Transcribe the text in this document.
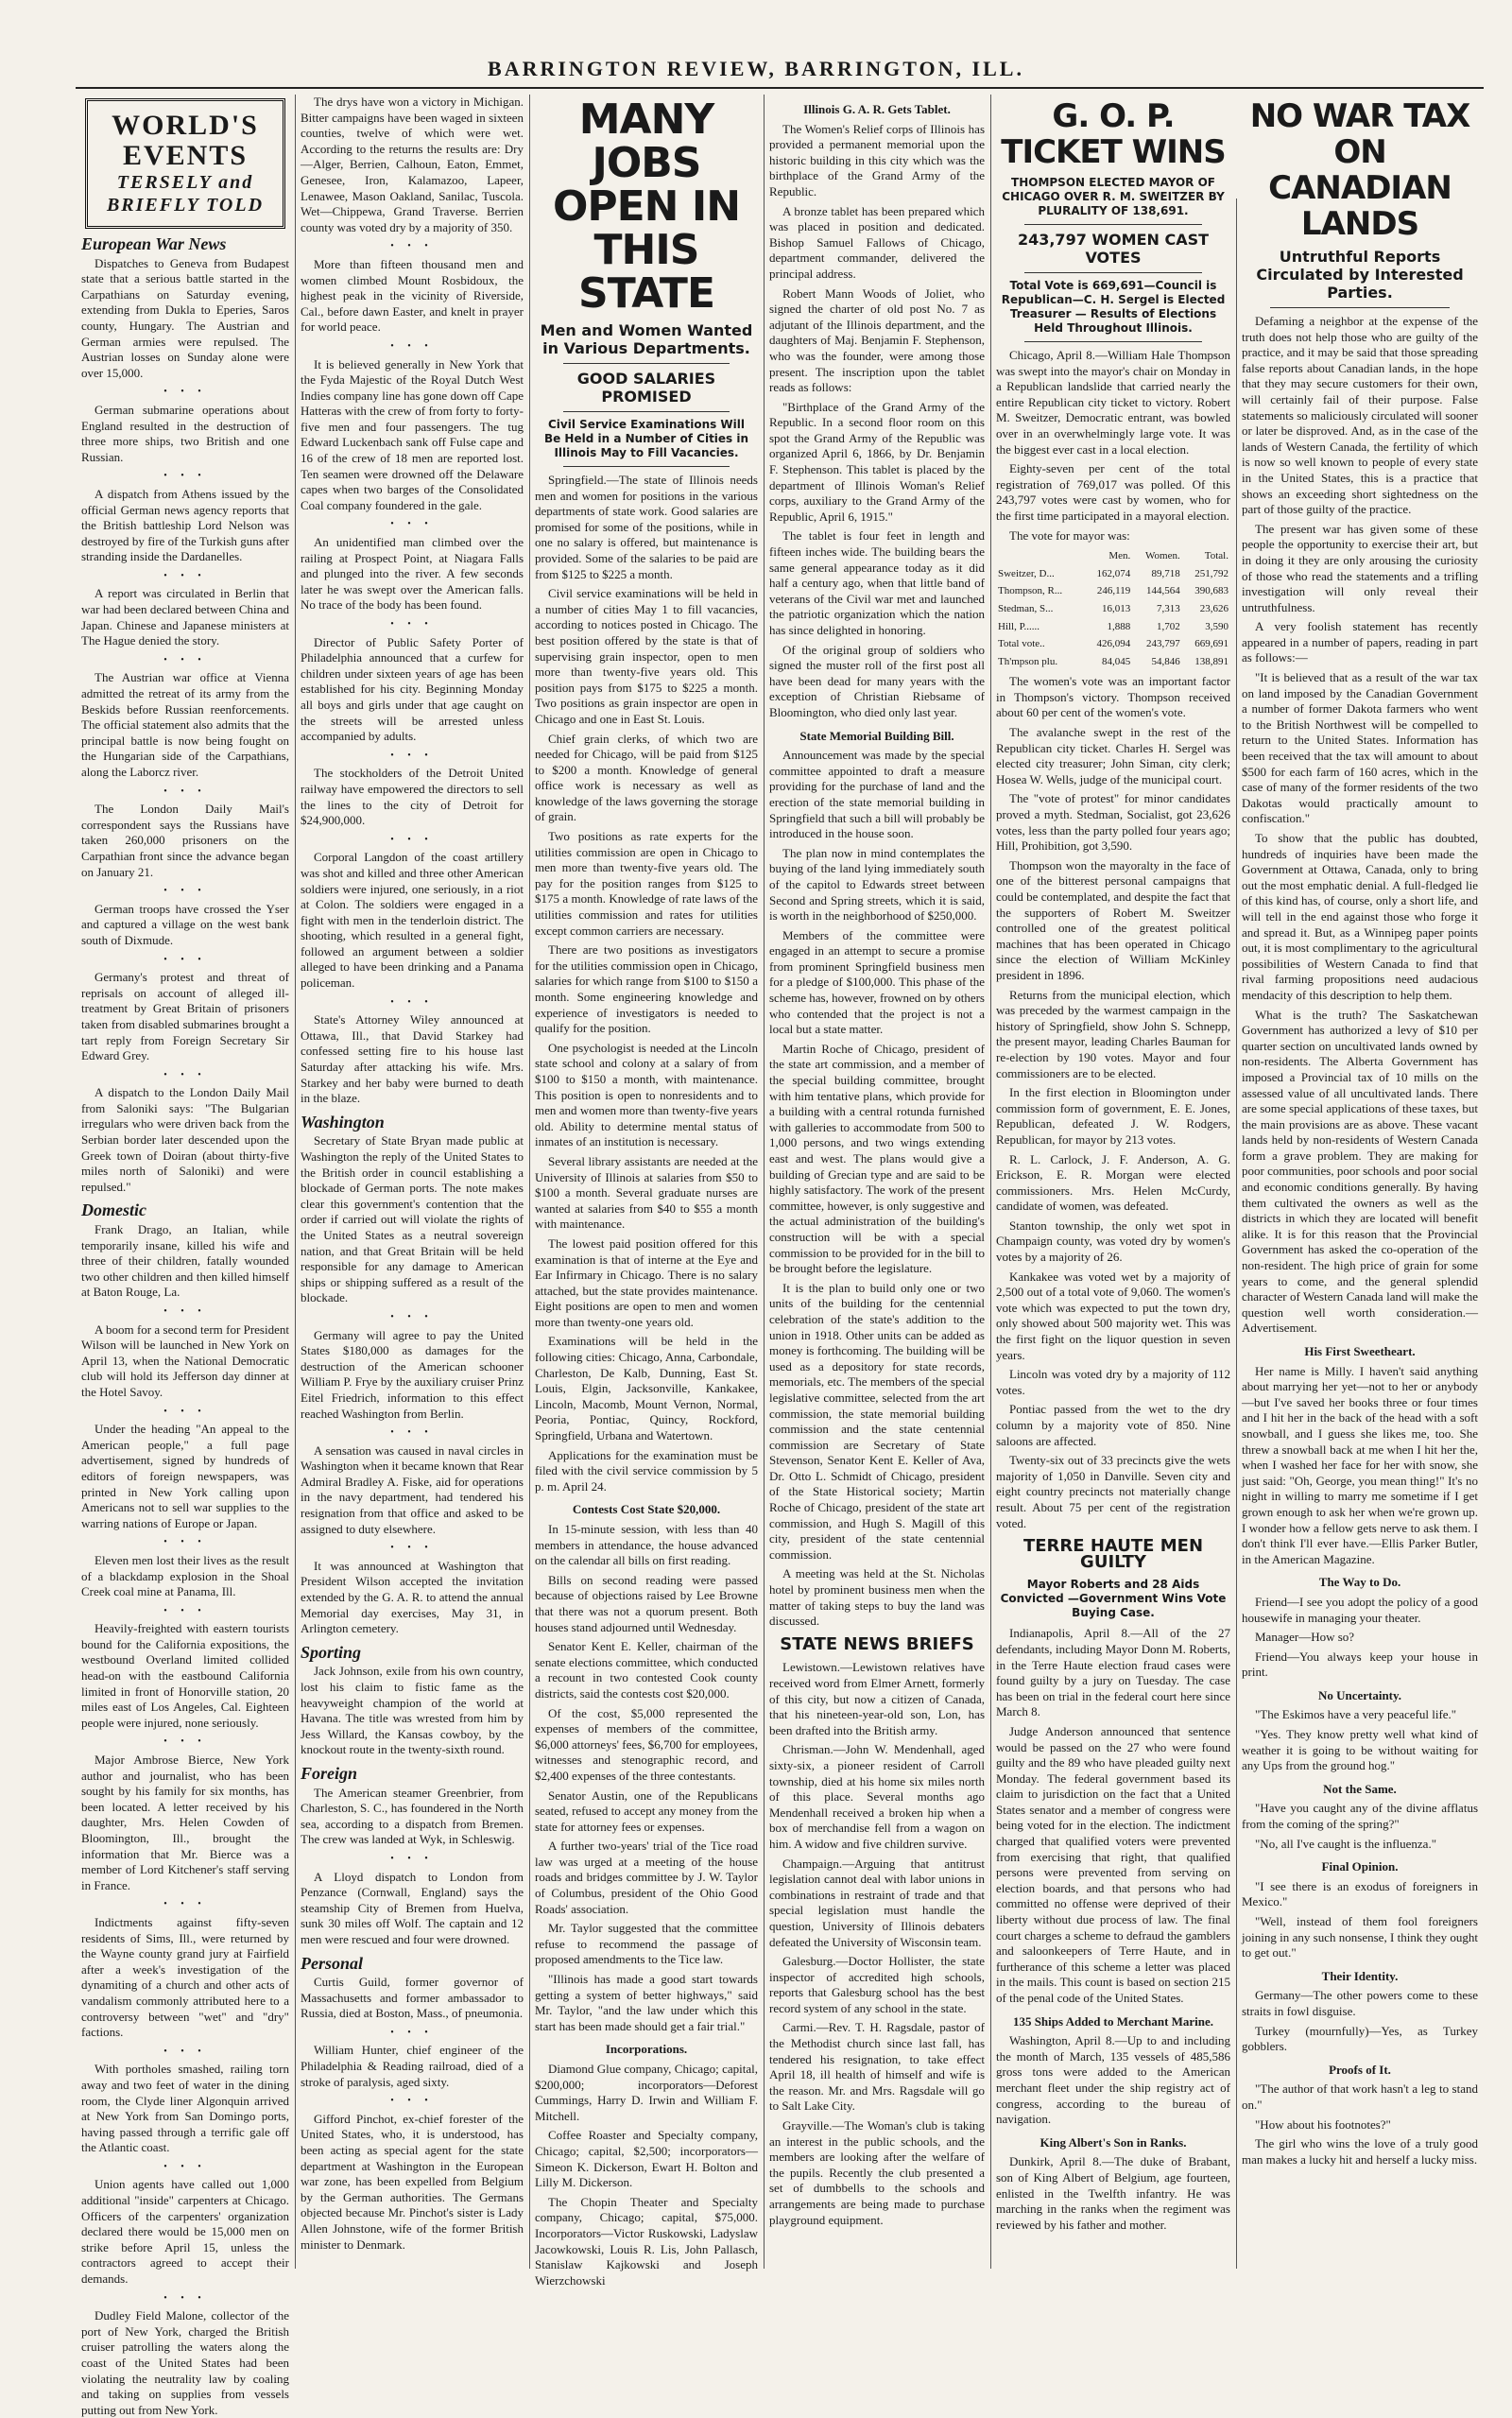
BARRINGTON REVIEW, BARRINGTON, ILL.
WORLD'S
EVENTS
TERSELY and
BRIEFLY TOLD
European War News

Dispatches to Geneva from Budapest state that a serious battle started in the Carpathians on Saturday evening, extending from Dukla to Eperies, Saros county, Hungary. The Austrian and German armies were repulsed. The Austrian losses on Sunday alone were over 15,000.

• • •

German submarine operations about England resulted in the destruction of three more ships, two British and one Russian.

• • •

A dispatch from Athens issued by the official German news agency reports that the British battleship Lord Nelson was destroyed by fire of the Turkish guns after stranding inside the Dardanelles.

• • •

A report was circulated in Berlin that war had been declared between China and Japan. Chinese and Japanese ministers at The Hague denied the story.

• • •

The Austrian war office at Vienna admitted the retreat of its army from the Beskids before Russian reenforcements. The official statement also admits that the principal battle is now being fought on the Hungarian side of the Carpathians, along the Laborcz river.

• • •

The London Daily Mail's correspondent says the Russians have taken 260,000 prisoners on the Carpathian front since the advance began on January 21.

• • •

German troops have crossed the Yser and captured a village on the west bank south of Dixmude.

• • •

Germany's protest and threat of reprisals on account of alleged ill-treatment by Great Britain of prisoners taken from disabled submarines brought a tart reply from Foreign Secretary Sir Edward Grey.

• • •

A dispatch to the London Daily Mail from Saloniki says: "The Bulgarian irregulars who were driven back from the Serbian border later descended upon the Greek town of Doiran (about thirty-five miles north of Saloniki) and were repulsed."

Domestic

Frank Drago, an Italian, while temporarily insane, killed his wife and three of their children, fatally wounded two other children and then killed himself at Baton Rouge, La.

• • •

A boom for a second term for President Wilson will be launched in New York on April 13, when the National Democratic club will hold its Jefferson day dinner at the Hotel Savoy.

• • •

Under the heading "An appeal to the American people," a full page advertisement, signed by hundreds of editors of foreign newspapers, was printed in New York calling upon Americans not to sell war supplies to the warring nations of Europe or Japan.

• • •

Eleven men lost their lives as the result of a blackdamp explosion in the Shoal Creek coal mine at Panama, Ill.

• • •

Heavily-freighted with eastern tourists bound for the California expositions, the westbound Overland limited collided head-on with the eastbound California limited in front of Honorville station, 20 miles east of Los Angeles, Cal. Eighteen people were injured, none seriously.

• • •

Major Ambrose Bierce, New York author and journalist, who has been sought by his family for six months, has been located. A letter received by his daughter, Mrs. Helen Cowden of Bloomington, Ill., brought the information that Mr. Bierce was a member of Lord Kitchener's staff serving in France.

• • •

Indictments against fifty-seven residents of Sims, Ill., were returned by the Wayne county grand jury at Fairfield after a week's investigation of the dynamiting of a church and other acts of vandalism commonly attributed here to a controversy between "wet" and "dry" factions.

• • •

With portholes smashed, railing torn away and two feet of water in the dining room, the Clyde liner Algonquin arrived at New York from San Domingo ports, having passed through a terrific gale off the Atlantic coast.

• • •

Union agents have called out 1,000 additional "inside" carpenters at Chicago. Officers of the carpenters' organization declared there would be 15,000 men on strike before April 15, unless the contractors agreed to accept their demands.

• • •

Dudley Field Malone, collector of the port of New York, charged the British cruiser patrolling the waters along the coast of the United States had been violating the neutrality law by coaling and taking on supplies from vessels putting out from New York.

The drys have won a victory in Michigan. Bitter campaigns have been waged in sixteen counties, twelve of which were wet. According to the returns the results are: Dry—Alger, Berrien, Calhoun, Eaton, Emmet, Genesee, Iron, Kalamazoo, Lapeer, Lenawee, Mason Oakland, Sanilac, Tuscola. Wet—Chippewa, Grand Traverse. Berrien county was voted dry by a majority of 350.

• • •

More than fifteen thousand men and women climbed Mount Rosbidoux, the highest peak in the vicinity of Riverside, Cal., before dawn Easter, and knelt in prayer for world peace.

• • •

It is believed generally in New York that the Fyda Majestic of the Royal Dutch West Indies company line has gone down off Cape Hatteras with the crew of from forty to forty-five men and four passengers. The tug Edward Luckenbach sank off Fulse cape and 16 of the crew of 18 men are reported lost. Ten seamen were drowned off the Delaware capes when two barges of the Consolidated Coal company foundered in the gale.

• • •

An unidentified man climbed over the railing at Prospect Point, at Niagara Falls and plunged into the river. A few seconds later he was swept over the American falls. No trace of the body has been found.

• • •

Director of Public Safety Porter of Philadelphia announced that a curfew for children under sixteen years of age has been established for his city. Beginning Monday all boys and girls under that age caught on the streets will be arrested unless accompanied by adults.

• • •

The stockholders of the Detroit United railway have empowered the directors to sell the lines to the city of Detroit for $24,900,000.

• • •

Corporal Langdon of the coast artillery was shot and killed and three other American soldiers were injured, one seriously, in a riot at Colon. The soldiers were engaged in a fight with men in the tenderloin district. The shooting, which resulted in a general fight, followed an argument between a soldier alleged to have been drinking and a Panama policeman.

• • •

State's Attorney Wiley announced at Ottawa, Ill., that David Starkey had confessed setting fire to his house last Saturday after attacking his wife. Mrs. Starkey and her baby were burned to death in the blaze.

Washington

Secretary of State Bryan made public at Washington the reply of the United States to the British order in council establishing a blockade of German ports. The note makes clear this government's contention that the order if carried out will violate the rights of the United States as a neutral sovereign nation, and that Great Britain will be held responsible for any damage to American ships or shipping suffered as a result of the blockade.

• • •

Germany will agree to pay the United States $180,000 as damages for the destruction of the American schooner William P. Frye by the auxiliary cruiser Prinz Eitel Friedrich, information to this effect reached Washington from Berlin.

• • •

A sensation was caused in naval circles in Washington when it became known that Rear Admiral Bradley A. Fiske, aid for operations in the navy department, had tendered his resignation from that office and asked to be assigned to duty elsewhere.

• • •

It was announced at Washington that President Wilson accepted the invitation extended by the G. A. R. to attend the annual Memorial day exercises, May 31, in Arlington cemetery.

Sporting

Jack Johnson, exile from his own country, lost his claim to fistic fame as the heavyweight champion of the world at Havana. The title was wrested from him by Jess Willard, the Kansas cowboy, by the knockout route in the twenty-sixth round.

Foreign

The American steamer Greenbrier, from Charleston, S. C., has foundered in the North sea, according to a dispatch from Bremen. The crew was landed at Wyk, in Schleswig.

• • •

A Lloyd dispatch to London from Penzance (Cornwall, England) says the steamship City of Bremen from Huelva, sunk 30 miles off Wolf. The captain and 12 men were rescued and four were drowned.

Personal

Curtis Guild, former governor of Massachusetts and former ambassador to Russia, died at Boston, Mass., of pneumonia.

• • •

William Hunter, chief engineer of the Philadelphia & Reading railroad, died of a stroke of paralysis, aged sixty.

• • •

Gifford Pinchot, ex-chief forester of the United States, who, it is understood, has been acting as special agent for the state department at Washington in the European war zone, has been expelled from Belgium by the German authorities. The Germans objected because Mr. Pinchot's sister is Lady Allen Johnstone, wife of the former British minister to Denmark.

MANY JOBS OPEN IN THIS STATE
Men and Women Wanted in Various Departments.
GOOD SALARIES PROMISED
Civil Service Examinations Will Be Held in a Number of Cities in Illinois May to Fill Vacancies.

Springfield.—The state of Illinois needs men and women for positions in the various departments of state work. Good salaries are promised for some of the positions, while in one no salary is offered, but maintenance is provided. Some of the salaries to be paid are from $125 to $225 a month.

Civil service examinations will be held in a number of cities May 1 to fill vacancies, according to notices posted in Chicago. The best position offered by the state is that of supervising grain inspector, open to men more than twenty-five years old. This position pays from $175 to $225 a month. Two positions as grain inspector are open in Chicago and one in East St. Louis.

Chief grain clerks, of which two are needed for Chicago, will be paid from $125 to $200 a month. Knowledge of general office work is necessary as well as knowledge of the laws governing the storage of grain.

Two positions as rate experts for the utilities commission are open in Chicago to men more than twenty-five years old. The pay for the position ranges from $125 to $175 a month. Knowledge of rate laws of the utilities commission and rates for utilities except common carriers are necessary.

There are two positions as investigators for the utilities commission open in Chicago, salaries for which range from $100 to $150 a month. Some engineering knowledge and experience of investigators is needed to qualify for the position.

One psychologist is needed at the Lincoln state school and colony at a salary of from $100 to $150 a month, with maintenance. This position is open to nonresidents and to men and women more than twenty-five years old. Ability to determine mental status of inmates of an institution is necessary.

Several library assistants are needed at the University of Illinois at salaries from $50 to $100 a month. Several graduate nurses are wanted at salaries from $40 to $55 a month with maintenance.

The lowest paid position offered for this examination is that of interne at the Eye and Ear Infirmary in Chicago. There is no salary attached, but the state provides maintenance. Eight positions are open to men and women more than twenty-one years old.

Examinations will be held in the following cities: Chicago, Anna, Carbondale, Charleston, De Kalb, Dunning, East St. Louis, Elgin, Jacksonville, Kankakee, Lincoln, Macomb, Mount Vernon, Normal, Peoria, Pontiac, Quincy, Rockford, Springfield, Urbana and Watertown.

Applications for the examination must be filed with the civil service commission by 5 p. m. April 24.

Contests Cost State $20,000.

In 15-minute session, with less than 40 members in attendance, the house advanced on the calendar all bills on first reading.

Bills on second reading were passed because of objections raised by Lee Browne that there was not a quorum present. Both houses stand adjourned until Wednesday.

Senator Kent E. Keller, chairman of the senate elections committee, which conducted a recount in two contested Cook county districts, said the contests cost $20,000.

Of the cost, $5,000 represented the expenses of members of the committee, $6,000 attorneys' fees, $6,700 for employees, witnesses and stenographic record, and $2,400 expenses of the three contestants.

Senator Austin, one of the Republicans seated, refused to accept any money from the state for attorney fees or expenses.

A further two-years' trial of the Tice road law was urged at a meeting of the house roads and bridges committee by J. W. Taylor of Columbus, president of the Ohio Good Roads' association.

Mr. Taylor suggested that the committee refuse to recommend the passage of proposed amendments to the Tice law.

"Illinois has made a good start towards getting a system of better highways," said Mr. Taylor, "and the law under which this start has been made should get a fair trial."

Incorporations.

Diamond Glue company, Chicago; capital, $200,000; incorporators—Deforest Cummings, Harry D. Irwin and William F. Mitchell.

Coffee Roaster and Specialty company, Chicago; capital, $2,500; incorporators—Simeon K. Dickerson, Ewart H. Bolton and Lilly M. Dickerson.

The Chopin Theater and Specialty company, Chicago; capital, $75,000. Incorporators—Victor Ruskowski, Ladyslaw Jacowkowski, Louis R. Lis, John Pallasch, Stanislaw Kajkowski and Joseph Wierzchowski

Illinois G. A. R. Gets Tablet.

The Women's Relief corps of Illinois has provided a permanent memorial upon the historic building in this city which was the birthplace of the Grand Army of the Republic.

A bronze tablet has been prepared which was placed in position and dedicated. Bishop Samuel Fallows of Chicago, department commander, delivered the principal address.

Robert Mann Woods of Joliet, who signed the charter of old post No. 7 as adjutant of the Illinois department, and the daughters of Maj. Benjamin F. Stephenson, who was the founder, were among those present. The inscription upon the tablet reads as follows:

"Birthplace of the Grand Army of the Republic. In a second floor room on this spot the Grand Army of the Republic was organized April 6, 1866, by Dr. Benjamin F. Stephenson. This tablet is placed by the department of Illinois Woman's Relief corps, auxiliary to the Grand Army of the Republic, April 6, 1915."

The tablet is four feet in length and fifteen inches wide. The building bears the same general appearance today as it did half a century ago, when that little band of veterans of the Civil war met and launched the patriotic organization which the nation has since delighted in honoring.

Of the original group of soldiers who signed the muster roll of the first post all have been dead for many years with the exception of Christian Riebsame of Bloomington, who died only last year.

State Memorial Building Bill.

Announcement was made by the special committee appointed to draft a measure providing for the purchase of land and the erection of the state memorial building in Springfield that such a bill will probably be introduced in the house soon.

The plan now in mind contemplates the buying of the land lying immediately south of the capitol to Edwards street between Second and Spring streets, which it is said, is worth in the neighborhood of $250,000.

Members of the committee were engaged in an attempt to secure a promise from prominent Springfield business men for a pledge of $100,000. This phase of the scheme has, however, frowned on by others who contended that the project is not a local but a state matter.

Martin Roche of Chicago, president of the state art commission, and a member of the special building committee, brought with him tentative plans, which provide for a building with a central rotunda furnished with galleries to accommodate from 500 to 1,000 persons, and two wings extending east and west. The plans would give a building of Grecian type and are said to be highly satisfactory. The work of the present committee, however, is only suggestive and the actual administration of the building's construction will be with a special commission to be provided for in the bill to be brought before the legislature.

It is the plan to build only one or two units of the building for the centennial celebration of the state's addition to the union in 1918. Other units can be added as money is forthcoming. The building will be used as a depository for state records, memorials, etc. The members of the special legislative committee, selected from the art commission, the state memorial building commission and the state centennial commission are Secretary of State Stevenson, Senator Kent E. Keller of Ava, Dr. Otto L. Schmidt of Chicago, president of the State Historical society; Martin Roche of Chicago, president of the state art commission, and Hugh S. Magill of this city, president of the state centennial commission.

A meeting was held at the St. Nicholas hotel by prominent business men when the matter of taking steps to buy the land was discussed.

STATE NEWS BRIEFS

Lewistown.—Lewistown relatives have received word from Elmer Arnett, formerly of this city, but now a citizen of Canada, that his nineteen-year-old son, Lon, has been drafted into the British army.

Chrisman.—John W. Mendenhall, aged sixty-six, a pioneer resident of Carroll township, died at his home six miles north of this place. Several months ago Mendenhall received a broken hip when a box of merchandise fell from a wagon on him. A widow and five children survive.

Champaign.—Arguing that antitrust legislation cannot deal with labor unions in combinations in restraint of trade and that special legislation must handle the question, University of Illinois debaters defeated the University of Wisconsin team.

Galesburg.—Doctor Hollister, the state inspector of accredited high schools, reports that Galesburg school has the best record system of any school in the state.

Carmi.—Rev. T. H. Ragsdale, pastor of the Methodist church since last fall, has tendered his resignation, to take effect April 18, ill health of himself and wife is the reason. Mr. and Mrs. Ragsdale will go to Salt Lake City.

Grayville.—The Woman's club is taking an interest in the public schools, and the members are looking after the welfare of the pupils. Recently the club presented a set of dumbbells to the schools and arrangements are being made to purchase playground equipment.

G. O. P. TICKET WINS
THOMPSON ELECTED MAYOR OF CHICAGO OVER R. M. SWEITZER BY PLURALITY OF 138,691.
243,797 WOMEN CAST VOTES
Total Vote is 669,691—Council is Republican—C. H. Sergel is Elected Treasurer — Results of Elections Held Throughout Illinois.

Chicago, April 8.—William Hale Thompson was swept into the mayor's chair on Monday in a Republican landslide that carried nearly the entire Republican city ticket to victory. Robert M. Sweitzer, Democratic entrant, was bowled over in an overwhelmingly large vote. It was the biggest ever cast in a local election.

Eighty-seven per cent of the total registration of 769,017 was polled. Of this 243,797 votes were cast by women, who for the first time participated in a mayoral election.

The vote for mayor was:

	Men.	Women.	Total.
Sweitzer, D...	162,074	89,718	251,792
Thompson, R...	246,119	144,564	390,683
Stedman, S...	16,013	7,313	23,626
Hill, P......	1,888	1,702	3,590
Total vote..	426,094	243,797	669,691
Th'mpson plu.	84,045	54,846	138,891

The women's vote was an important factor in Thompson's victory. Thompson received about 60 per cent of the women's vote.

The avalanche swept in the rest of the Republican city ticket. Charles H. Sergel was elected city treasurer; John Siman, city clerk; Hosea W. Wells, judge of the municipal court.

The "vote of protest" for minor candidates proved a myth. Stedman, Socialist, got 23,626 votes, less than the party polled four years ago; Hill, Prohibition, got 3,590.

Thompson won the mayoralty in the face of one of the bitterest personal campaigns that could be contemplated, and despite the fact that the supporters of Robert M. Sweitzer controlled one of the greatest political machines that has been operated in Chicago since the election of William McKinley president in 1896.

Returns from the municipal election, which was preceded by the warmest campaign in the history of Springfield, show John S. Schnepp, the present mayor, leading Charles Bauman for re-election by 190 votes. Mayor and four commissioners are to be elected.

In the first election in Bloomington under commission form of government, E. E. Jones, Republican, defeated J. W. Rodgers, Republican, for mayor by 213 votes.

R. L. Carlock, J. F. Anderson, A. G. Erickson, E. R. Morgan were elected commissioners. Mrs. Helen McCurdy, candidate of women, was defeated.

Stanton township, the only wet spot in Champaign county, was voted dry by women's votes by a majority of 26.

Kankakee was voted wet by a majority of 2,500 out of a total vote of 9,060. The women's vote which was expected to put the town dry, only showed about 500 majority wet. This was the first fight on the liquor question in seven years.

Lincoln was voted dry by a majority of 112 votes.

Pontiac passed from the wet to the dry column by a majority vote of 850. Nine saloons are affected.

Twenty-six out of 33 precincts give the wets majority of 1,050 in Danville. Seven city and eight country precincts not materially change result. About 75 per cent of the registration voted.

TERRE HAUTE MEN GUILTY
Mayor Roberts and 28 Aids Convicted —Government Wins Vote Buying Case.

Indianapolis, April 8.—All of the 27 defendants, including Mayor Donn M. Roberts, in the Terre Haute election fraud cases were found guilty by a jury on Tuesday. The case has been on trial in the federal court here since March 8.

Judge Anderson announced that sentence would be passed on the 27 who were found guilty and the 89 who have pleaded guilty next Monday. The federal government based its claim to jurisdiction on the fact that a United States senator and a member of congress were being voted for in the election. The indictment charged that qualified voters were prevented from exercising that right, that qualified persons were prevented from serving on election boards, and that persons who had committed no offense were deprived of their liberty without due process of law. The final court charges a scheme to defraud the gamblers and saloonkeepers of Terre Haute, and in furtherance of this scheme a letter was placed in the mails. This count is based on section 215 of the penal code of the United States.

135 Ships Added to Merchant Marine.

Washington, April 8.—Up to and including the month of March, 135 vessels of 485,586 gross tons were added to the American merchant fleet under the ship registry act of congress, according to the bureau of navigation.

King Albert's Son in Ranks.

Dunkirk, April 8.—The duke of Brabant, son of King Albert of Belgium, age fourteen, enlisted in the Twelfth infantry. He was marching in the ranks when the regiment was reviewed by his father and mother.

NO WAR TAX ON CANADIAN LANDS
Untruthful Reports Circulated by Interested Parties.

Defaming a neighbor at the expense of the truth does not help those who are guilty of the practice, and it may be said that those spreading false reports about Canadian lands, in the hope that they may secure customers for their own, will certainly fail of their purpose. False statements so maliciously circulated will sooner or later be disproved. And, as in the case of the lands of Western Canada, the fertility of which is now so well known to people of every state in the United States, this is a practice that shows an exceeding short sightedness on the part of those guilty of the practice.

The present war has given some of these people the opportunity to exercise their art, but in doing it they are only arousing the curiosity of those who read the statements and a trifling investigation will only reveal their untruthfulness.

A very foolish statement has recently appeared in a number of papers, reading in part as follows:—

"It is believed that as a result of the war tax on land imposed by the Canadian Government a number of former Dakota farmers who went to the British Northwest will be compelled to return to the United States. Information has been received that the tax will amount to about $500 for each farm of 160 acres, which in the case of many of the former residents of the two Dakotas would practically amount to confiscation."

To show that the public has doubted, hundreds of inquiries have been made the Government at Ottawa, Canada, only to bring out the most emphatic denial. A full-fledged lie of this kind has, of course, only a short life, and will tell in the end against those who forge it and spread it. But, as a Winnipeg paper points out, it is most complimentary to the agricultural possibilities of Western Canada to find that rival farming propositions need audacious mendacity of this description to help them.

What is the truth? The Saskatchewan Government has authorized a levy of $10 per quarter section on uncultivated lands owned by non-residents. The Alberta Government has imposed a Provincial tax of 10 mills on the assessed value of all uncultivated lands. There are some special applications of these taxes, but the main provisions are as above. These vacant lands held by non-residents of Western Canada form a grave problem. They are making for poor communities, poor schools and poor social and economic conditions generally. By having them cultivated the owners as well as the districts in which they are located will benefit alike. It is for this reason that the Provincial Government has asked the co-operation of the non-resident. The high price of grain for some years to come, and the general splendid character of Western Canada land will make the question well worth consideration.—Advertisement.

His First Sweetheart.

Her name is Milly. I haven't said anything about marrying her yet—not to her or anybody—but I've saved her books three or four times and I hit her in the back of the head with a soft snowball, and I guess she likes me, too. She threw a snowball back at me when I hit her the, when I washed her face for her with snow, she just said: "Oh, George, you mean thing!" It's no night in willing to marry me sometime if I get grown enough to ask her when we're grown up. I wonder how a fellow gets nerve to ask them. I don't think I'll ever have.—Ellis Parker Butler, in the American Magazine.

The Way to Do.

Friend—I see you adopt the policy of a good housewife in managing your theater.

Manager—How so?

Friend—You always keep your house in print.

No Uncertainty.

"The Eskimos have a very peaceful life."

"Yes. They know pretty well what kind of weather it is going to be without waiting for any Ups from the ground hog."

Not the Same.

"Have you caught any of the divine afflatus from the coming of the spring?"

"No, all I've caught is the influenza."

Final Opinion.

"I see there is an exodus of foreigners in Mexico."

"Well, instead of them fool foreigners joining in any such nonsense, I think they ought to get out."

Their Identity.

Germany—The other powers come to these straits in fowl disguise.

Turkey (mournfully)—Yes, as Turkey gobblers.

Proofs of It.

"The author of that work hasn't a leg to stand on."

"How about his footnotes?"

The girl who wins the love of a truly good man makes a lucky hit and herself a lucky miss.
